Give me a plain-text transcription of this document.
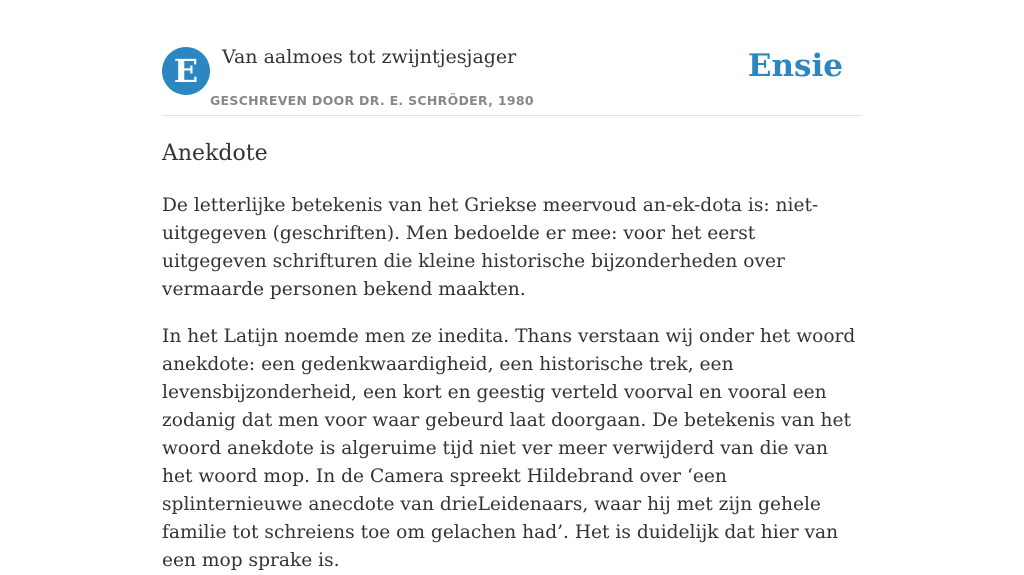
E	Van aalmoes tot zwijntjesjager
GESCHREVEN DOOR DR. E. SCHRÖDER, 1980
Ensie
Anekdote

De letterlijke betekenis van het Griekse meervoud an-ek-dota is: niet-uitgegeven (geschriften). Men bedoelde er mee: voor het eerst uitgegeven schrifturen die kleine historische bijzonderheden over vermaarde personen bekend maakten.

In het Latijn noemde men ze inedita. Thans verstaan wij onder het woord anekdote: een gedenkwaardigheid, een historische trek, een levensbijzonderheid, een kort en geestig verteld voorval en vooral een zodanig dat men voor waar gebeurd laat doorgaan. De betekenis van het woord anekdote is algeruime tijd niet ver meer verwijderd van die van het woord mop. In de Camera spreekt Hildebrand over ‘een splinternieuwe anecdote van drieLeidenaars, waar hij met zijn gehele familie tot schreiens toe om gelachen had’. Het is duidelijk dat hier van een mop sprake is.
